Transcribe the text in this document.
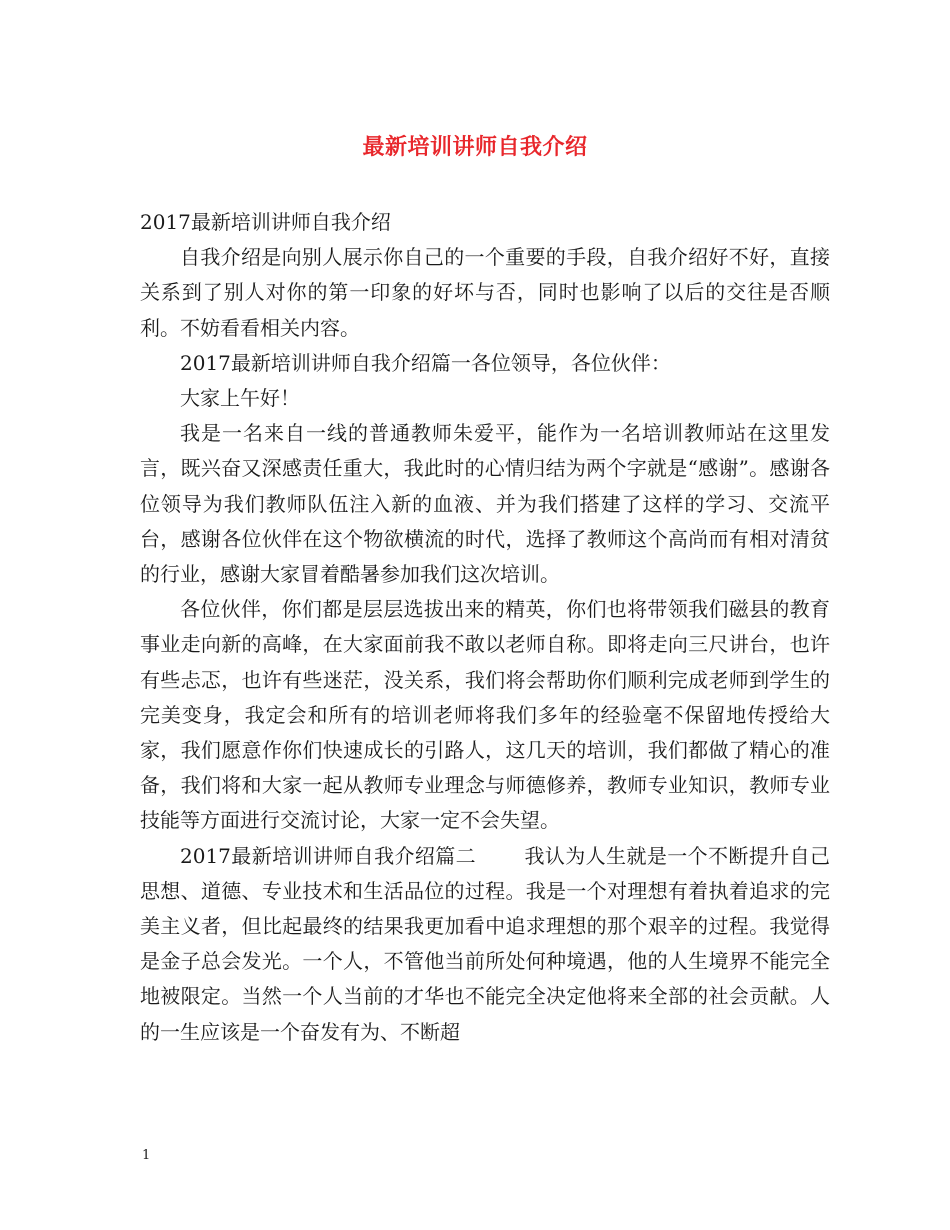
最新培训讲师自我介绍

2017最新培训讲师自我介绍

自我介绍是向别人展示你自己的一个重要的手段，自我介绍好不好，直接关系到了别人对你的第一印象的好坏与否，同时也影响了以后的交往是否顺利。不妨看看相关内容。

2017最新培训讲师自我介绍篇一各位领导，各位伙伴：

大家上午好！

我是一名来自一线的普通教师朱爱平，能作为一名培训教师站在这里发言，既兴奋又深感责任重大，我此时的心情归结为两个字就是“感谢”。感谢各位领导为我们教师队伍注入新的血液、并为我们搭建了这样的学习、交流平台，感谢各位伙伴在这个物欲横流的时代，选择了教师这个高尚而有相对清贫的行业，感谢大家冒着酷暑参加我们这次培训。

各位伙伴，你们都是层层选拔出来的精英，你们也将带领我们磁县的教育事业走向新的高峰，在大家面前我不敢以老师自称。即将走向三尺讲台，也许有些忐忑，也许有些迷茫，没关系，我们将会帮助你们顺利完成老师到学生的完美变身，我定会和所有的培训老师将我们多年的经验毫不保留地传授给大家，我们愿意作你们快速成长的引路人，这几天的培训，我们都做了精心的准备，我们将和大家一起从教师专业理念与师德修养，教师专业知识，教师专业技能等方面进行交流讨论，大家一定不会失望。

2017最新培训讲师自我介绍篇二 我认为人生就是一个不断提升自己思想、道德、专业技术和生活品位的过程。我是一个对理想有着执着追求的完美主义者，但比起最终的结果我更加看中追求理想的那个艰辛的过程。我觉得是金子总会发光。一个人，不管他当前所处何种境遇，他的人生境界不能完全地被限定。当然一个人当前的才华也不能完全决定他将来全部的社会贡献。人的一生应该是一个奋发有为、不断超

1
